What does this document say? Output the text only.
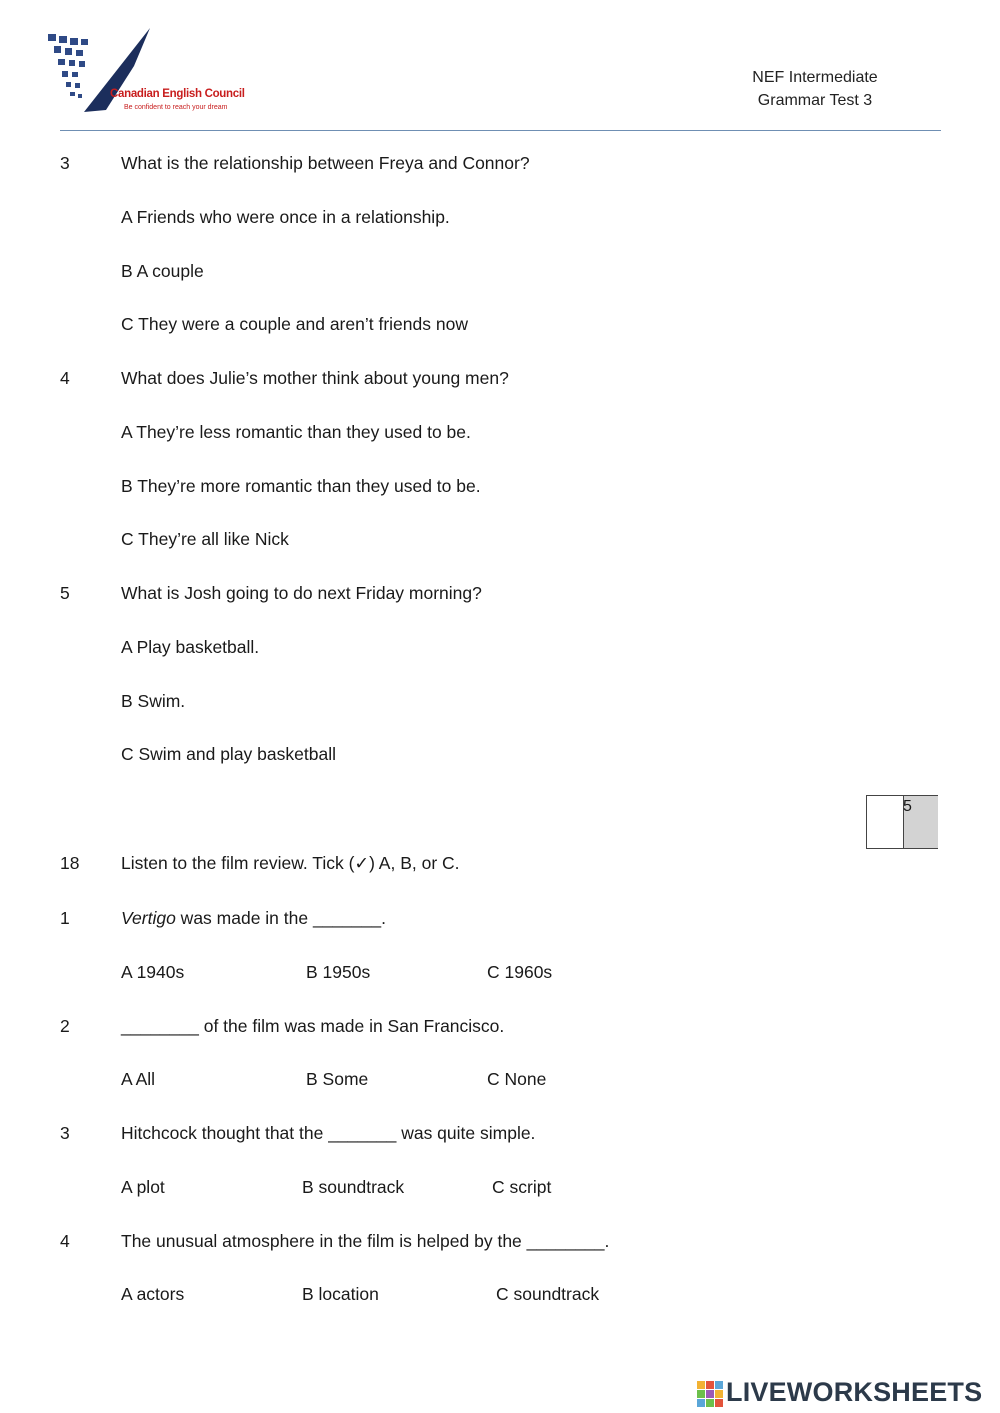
Canadian English Council
Be confident to reach your dream
NEF Intermediate
Grammar Test 3
3	What is the relationship between Freya and Connor?
A Friends who were once in a relationship.
B A couple
C They were a couple and aren’t friends now
4	What does Julie’s mother think about young men?
A They’re less romantic than they used to be.
B They’re more romantic than they used to be.
C They’re all like Nick
5	What is Josh going to do next Friday morning?
A Play basketball.
B Swim.
C Swim and play basketball
5
18 Listen to the film review. Tick (✓) A, B, or C.
1	Vertigo was made in the _______.
A 1940s	B 1950s	C 1960s
2	________ of the film was made in San Francisco.
A All	B Some	C None
3	Hitchcock thought that the _______ was quite simple.
A plot	B soundtrack	C script
4	The unusual atmosphere in the film is helped by the ________.
A actors	B location	C soundtrack
LIVEWORKSHEETS
